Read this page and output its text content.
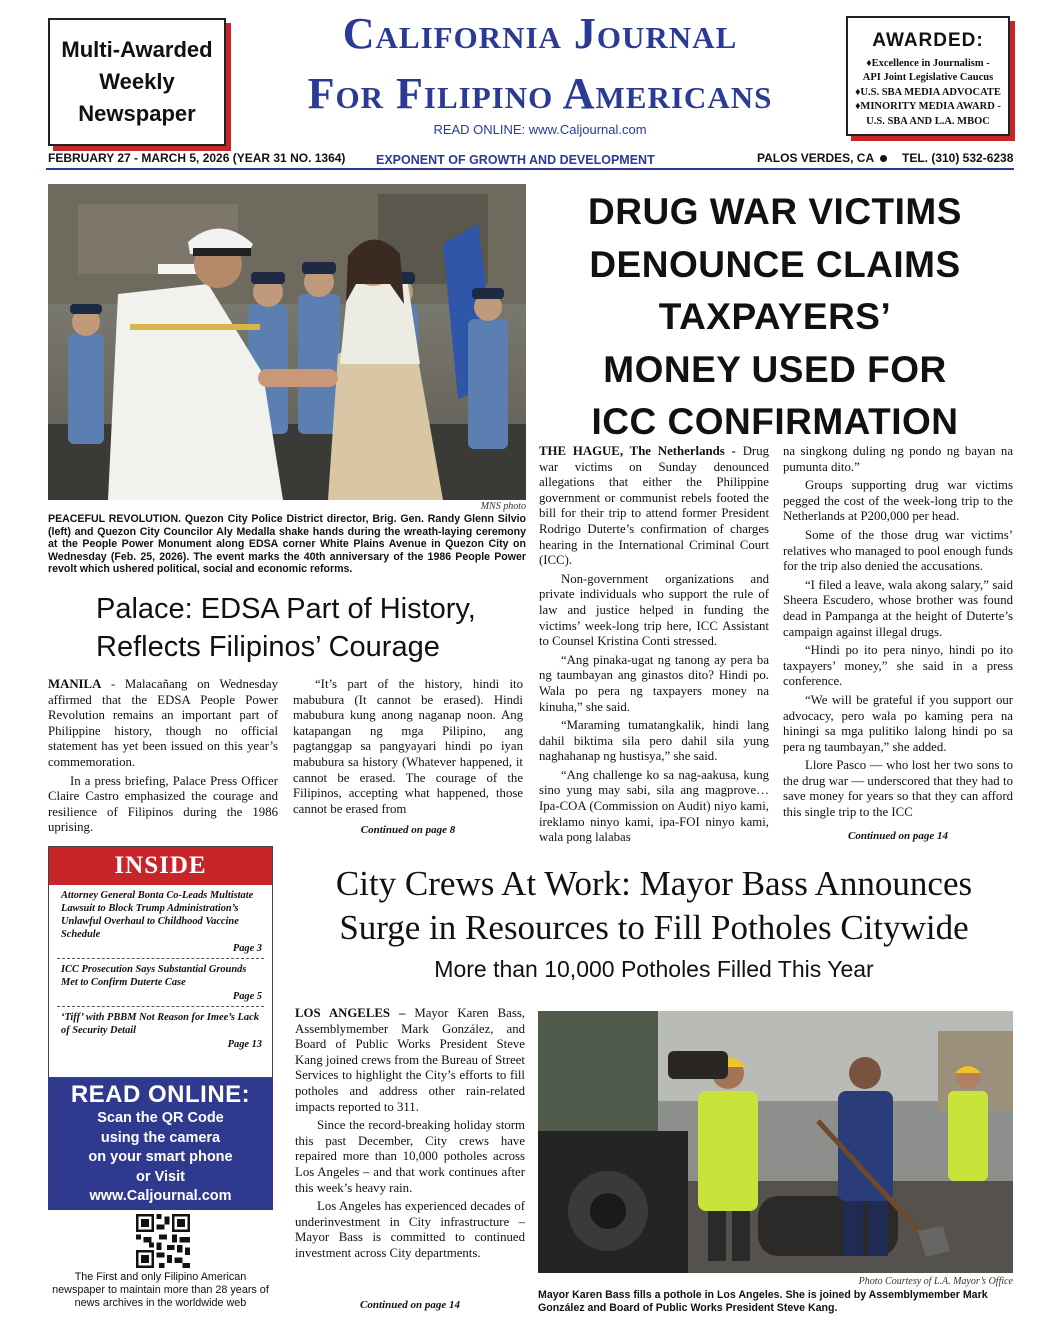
Multi-Awarded
Weekly
Newspaper
California Journal
For Filipino Americans
READ ONLINE: www.Caljournal.com
AWARDED:
♦Excellence in Journalism -
API Joint Legislative Caucus
♦U.S. SBA MEDIA ADVOCATE
♦MINORITY MEDIA AWARD -
U.S. SBA AND L.A. MBOC
FEBRUARY 27 - MARCH 5, 2026 (YEAR 31 NO. 1364) EXPONENT OF GROWTH AND DEVELOPMENT	PALOS VERDES, CA TEL. (310) 532-6238
MNS photo
PEACEFUL REVOLUTION. Quezon City Police District director, Brig. Gen. Randy Glenn Silvio (left) and Quezon City Councilor Aly Medalla shake hands during the wreath-laying ceremony at the People Power Monument along EDSA corner White Plains Avenue in Quezon City on Wednesday (Feb. 25, 2026). The event marks the 40th anniversary of the 1986 People Power revolt which ushered political, social and economic reforms.
DRUG WAR VICTIMS
DENOUNCE CLAIMS
TAXPAYERS’
MONEY USED FOR
ICC CONFIRMATION

THE HAGUE, The Netherlands - Drug war victims on Sunday denounced allegations that either the Philippine government or communist rebels footed the bill for their trip to attend former President Rodrigo Duterte’s confirmation of charges hearing in the International Criminal Court (ICC).

Non-government organizations and private individuals who support the rule of law and justice helped in funding the victims’ week-long trip here, ICC Assistant to Counsel Kristina Conti stressed.

“Ang pinaka-ugat ng tanong ay pera ba ng taumbayan ang ginastos dito? Hindi po. Wala po pera ng taxpayers money na kinuha,” she said.

“Maraming tumatangkalik, hindi lang dahil biktima sila pero dahil sila yung naghahanap ng hustisya,” she said.

“Ang challenge ko sa nag-aakusa, kung sino yung may sabi, sila ang magprove… Ipa-COA (Commission on Audit) niyo kami, ireklamo ninyo kami, ipa-FOI ninyo kami, wala pong lalabas

na singkong duling ng pondo ng bayan na pumunta dito.”

Groups supporting drug war victims pegged the cost of the week-long trip to the Netherlands at P200,000 per head.

Some of the those drug war victims’ relatives who managed to pool enough funds for the trip also denied the accusations.

“I filed a leave, wala akong salary,” said Sheera Escudero, whose brother was found dead in Pampanga at the height of Duterte’s campaign against illegal drugs.

“Hindi po ito pera ninyo, hindi po ito taxpayers’ money,” she said in a press conference.

“We will be grateful if you support our advocacy, pero wala po kaming pera na hiningi sa mga pulitiko lalong hindi po sa pera ng taumbayan,” she added.

Llore Pasco — who lost her two sons to the drug war — underscored that they had to save money for years so that they can afford this single trip to the ICC

Continued on page 14
Palace: EDSA Part of History,
Reflects Filipinos’ Courage

MANILA - Malacañang on Wednesday affirmed that the EDSA People Power Revolution remains an important part of Philippine history, though no official statement has yet been issued on this year’s commemoration.

In a press briefing, Palace Press Officer Claire Castro emphasized the courage and resilience of Filipinos during the 1986 uprising.

“It’s part of the history, hindi ito mabubura (It cannot be erased). Hindi mabubura kung anong naganap noon. Ang katapangan ng mga Pilipino, ang pagtanggap sa pangyayari hindi po iyan mabubura sa history (Whatever happened, it cannot be erased. The courage of the Filipinos, accepting what happened, those cannot be erased from

Continued on page 8
INSIDE
Attorney General Bonta Co-Leads Multistate Lawsuit to Block Trump Administration’s Unlawful Overhaul to Childhood Vaccine Schedule
Page 3
ICC Prosecution Says Substantial Grounds Met to Confirm Duterte Case
Page 5
‘Tiff’ with PBBM Not Reason for Imee’s Lack of Security Detail
Page 13
READ ONLINE:
Scan the QR Code
using the camera
on your smart phone
or Visit
www.Caljournal.com
The First and only Filipino American newspaper to maintain more than 28 years of news archives in the worldwide web
City Crews At Work: Mayor Bass Announces
Surge in Resources to Fill Potholes Citywide
More than 10,000 Potholes Filled This Year

LOS ANGELES – Mayor Karen Bass, Assemblymember Mark González, and Board of Public Works President Steve Kang joined crews from the Bureau of Street Services to highlight the City’s efforts to fill potholes and address other rain-related impacts reported to 311.

Since the record-breaking holiday storm this past December, City crews have repaired more than 10,000 potholes across Los Angeles – and that work continues after this week’s heavy rain.

Los Angeles has experienced decades of underinvestment in City infrastructure – Mayor Bass is committed to continued investment across City departments.

Continued on page 14
Photo Courtesy of L.A. Mayor’s Office
Mayor Karen Bass fills a pothole in Los Angeles. She is joined by Assemblymember Mark González and Board of Public Works President Steve Kang.
